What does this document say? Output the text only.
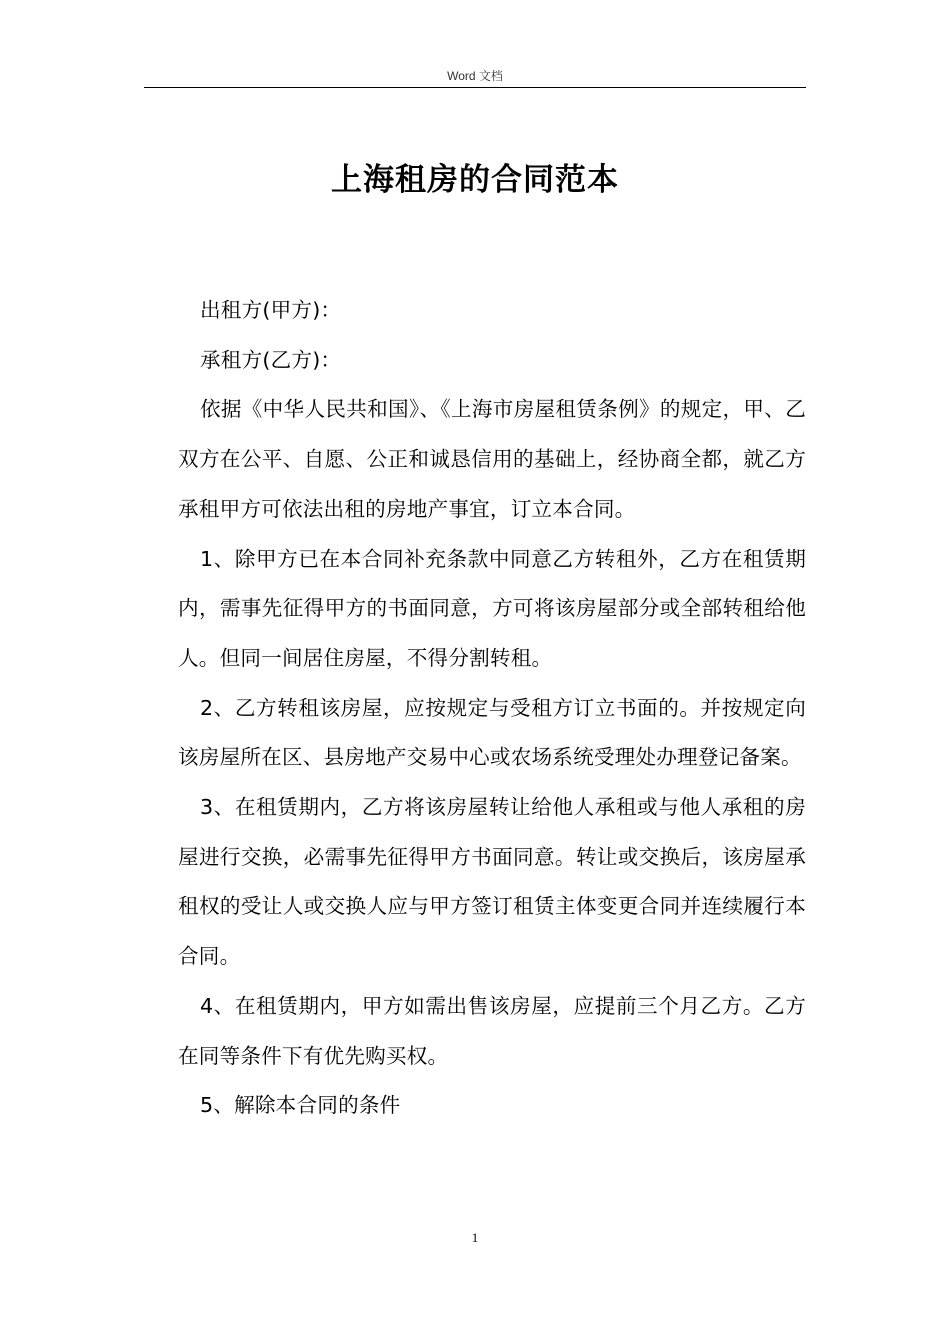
Word 文档
上海租房的合同范本

出租方(甲方)：

承租方(乙方)：

依据《中华人民共和国》、《上海市房屋租赁条例》的规定，甲、乙双方在公平、自愿、公正和诚恳信用的基础上，经协商全都，就乙方承租甲方可依法出租的房地产事宜，订立本合同。

1、除甲方已在本合同补充条款中同意乙方转租外，乙方在租赁期内，需事先征得甲方的书面同意，方可将该房屋部分或全部转租给他人。但同一间居住房屋，不得分割转租。

2、乙方转租该房屋，应按规定与受租方订立书面的。并按规定向该房屋所在区、县房地产交易中心或农场系统受理处办理登记备案。

3、在租赁期内，乙方将该房屋转让给他人承租或与他人承租的房屋进行交换，必需事先征得甲方书面同意。转让或交换后，该房屋承租权的受让人或交换人应与甲方签订租赁主体变更合同并连续履行本合同。

4、在租赁期内，甲方如需出售该房屋，应提前三个月乙方。乙方在同等条件下有优先购买权。

5、解除本合同的条件

1
